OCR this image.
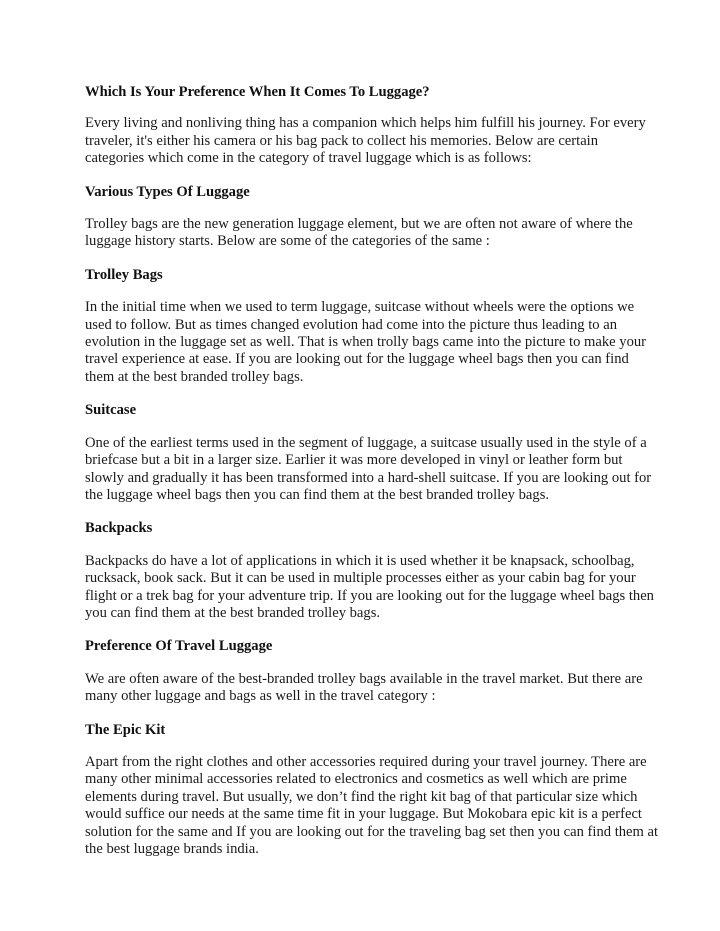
Which Is Your Preference When It Comes To Luggage?

Every living and nonliving thing has a companion which helps him fulfill his journey. For every traveler, it's either his camera or his bag pack to collect his memories. Below are certain categories which come in the category of travel luggage which is as follows:

Various Types Of Luggage

Trolley bags are the new generation luggage element, but we are often not aware of where the luggage history starts. Below are some of the categories of the same :

Trolley Bags

In the initial time when we used to term luggage, suitcase without wheels were the options we used to follow. But as times changed evolution had come into the picture thus leading to an evolution in the luggage set as well. That is when trolly bags came into the picture to make your travel experience at ease. If you are looking out for the luggage wheel bags then you can find them at the best branded trolley bags.

Suitcase

One of the earliest terms used in the segment of luggage, a suitcase usually used in the style of a briefcase but a bit in a larger size. Earlier it was more developed in vinyl or leather form but slowly and gradually it has been transformed into a hard-shell suitcase. If you are looking out for the luggage wheel bags then you can find them at the best branded trolley bags.

Backpacks

Backpacks do have a lot of applications in which it is used whether it be knapsack, schoolbag, rucksack, book sack. But it can be used in multiple processes either as your cabin bag for your flight or a trek bag for your adventure trip. If you are looking out for the luggage wheel bags then you can find them at the best branded trolley bags.

Preference Of Travel Luggage

We are often aware of the best-branded trolley bags available in the travel market. But there are many other luggage and bags as well in the travel category :

The Epic Kit

Apart from the right clothes and other accessories required during your travel journey. There are many other minimal accessories related to electronics and cosmetics as well which are prime elements during travel. But usually, we don’t find the right kit bag of that particular size which would suffice our needs at the same time fit in your luggage. But Mokobara epic kit is a perfect solution for the same and If you are looking out for the traveling bag set then you can find them at the best luggage brands india.
